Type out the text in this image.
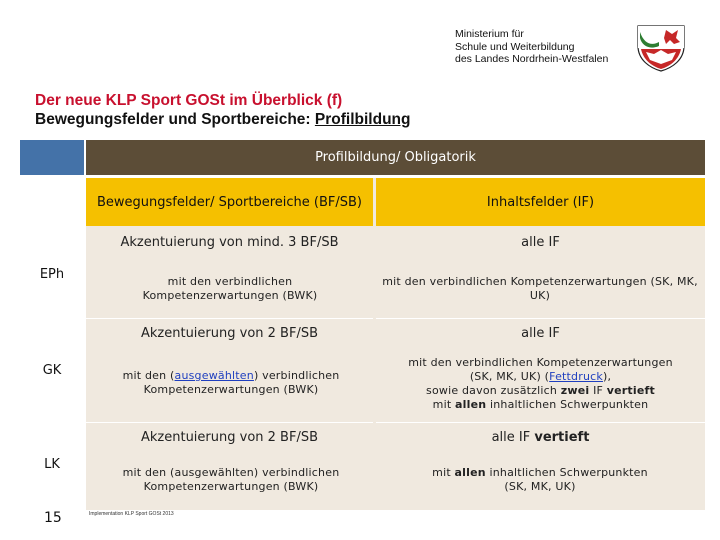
Ministerium für
Schule und Weiterbildung
des Landes Nordrhein-Westfalen
Der neue KLP Sport GOSt im Überblick (f)
Bewegungsfelder und Sportbereiche: Profilbildung
Profilbildung/ Obligatorik
Bewegungsfelder/ Sportbereiche (BF/SB)	Inhaltsfelder (IF)
EPh
GK
LK
Akzentuierung von mind. 3 BF/SB
mit den verbindlichen Kompetenzerwartungen (BWK)
alle IF
mit den verbindlichen Kompetenzerwartungen (SK, MK, UK)
Akzentuierung von 2 BF/SB
mit den (ausgewählten) verbindlichen Kompetenzerwartungen (BWK)
alle IF
mit den verbindlichen Kompetenzerwartungen
(SK, MK, UK) (Fettdruck),
sowie davon zusätzlich zwei IF vertieft
mit allen inhaltlichen Schwerpunkten
Akzentuierung von 2 BF/SB
mit den (ausgewählten) verbindlichen Kompetenzerwartungen (BWK)
alle IF vertieft
mit allen inhaltlichen Schwerpunkten
(SK, MK, UK)
15	Implementation KLP Sport GOSt 2013
